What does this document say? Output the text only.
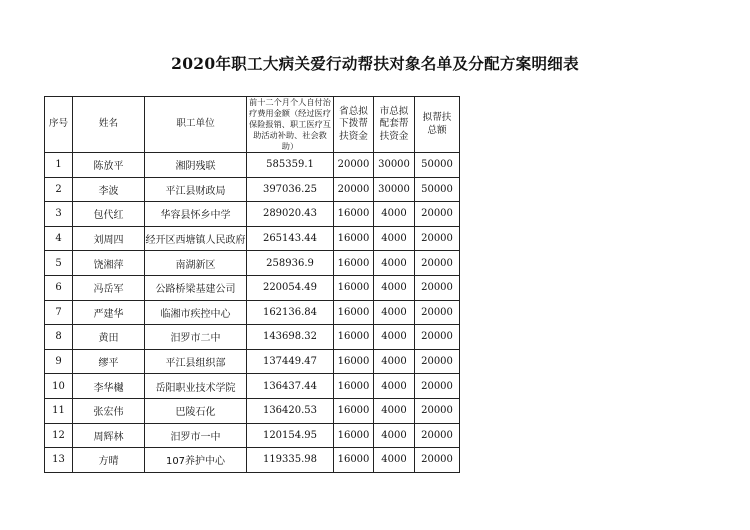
2020年职工大病关爱行动帮扶对象名单及分配方案明细表
序号	姓名	职工单位	前十二个月个人自付治疗费用金额（经过医疗保险报销、职工医疗互助活动补助、社会救助）	省总拟下拨帮扶资金	市总拟配套帮扶资金	拟帮扶总额
1	陈放平	湘阴残联	585359.1	20000	30000	50000
2	李波	平江县财政局	397036.25	20000	30000	50000
3	包代红	华容县怀乡中学	289020.43	16000	4000	20000
4	刘周四	经开区西塘镇人民政府	265143.44	16000	4000	20000
5	饶湘萍	南湖新区	258936.9	16000	4000	20000
6	冯岳军	公路桥梁基建公司	220054.49	16000	4000	20000
7	严建华	临湘市疾控中心	162136.84	16000	4000	20000
8	黄田	汨罗市二中	143698.32	16000	4000	20000
9	缪平	平江县组织部	137449.47	16000	4000	20000
10	李华樾	岳阳职业技术学院	136437.44	16000	4000	20000
11	张宏伟	巴陵石化	136420.53	16000	4000	20000
12	周辉林	汨罗市一中	120154.95	16000	4000	20000
13	方晴	107养护中心	119335.98	16000	4000	20000
